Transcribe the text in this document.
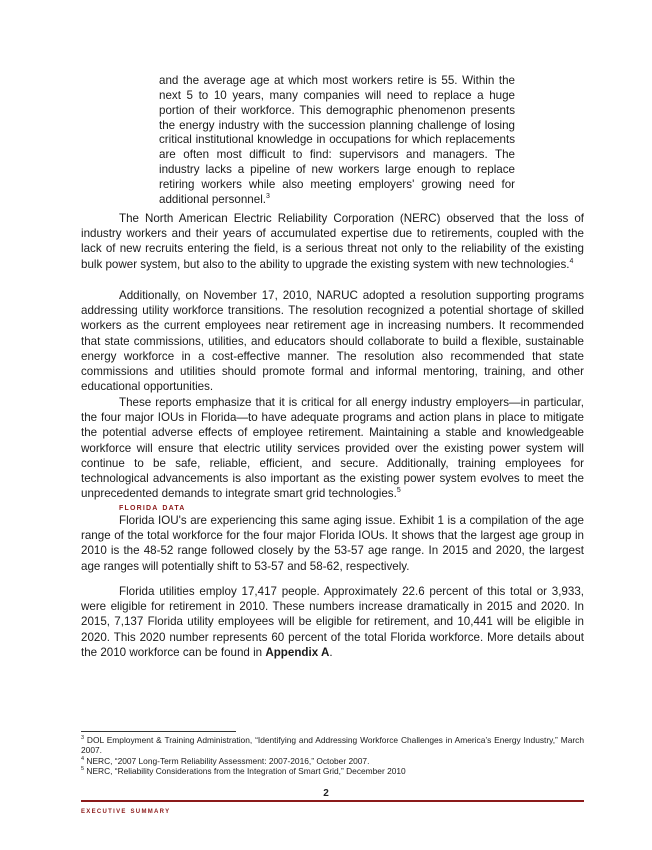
and the average age at which most workers retire is 55. Within the next 5 to 10 years, many companies will need to replace a huge portion of their workforce. This demographic phenomenon presents the energy industry with the succession planning challenge of losing critical institutional knowledge in occupations for which replacements are often most difficult to find: supervisors and managers. The industry lacks a pipeline of new workers large enough to replace retiring workers while also meeting employers' growing need for additional personnel.$^3$

The North American Electric Reliability Corporation (NERC) observed that the loss of industry workers and their years of accumulated expertise due to retirements, coupled with the lack of new recruits entering the field, is a serious threat not only to the reliability of the existing bulk power system, but also to the ability to upgrade the existing system with new technologies.$^4$

Additionally, on November 17, 2010, NARUC adopted a resolution supporting programs addressing utility workforce transitions. The resolution recognized a potential shortage of skilled workers as the current employees near retirement age in increasing numbers. It recommended that state commissions, utilities, and educators should collaborate to build a flexible, sustainable energy workforce in a cost-effective manner. The resolution also recommended that state commissions and utilities should promote formal and informal mentoring, training, and other educational opportunities.

These reports emphasize that it is critical for all energy industry employers—in particular, the four major IOUs in Florida—to have adequate programs and action plans in place to mitigate the potential adverse effects of employee retirement. Maintaining a stable and knowledgeable workforce will ensure that electric utility services provided over the existing power system will continue to be safe, reliable, efficient, and secure. Additionally, training employees for technological advancements is also important as the existing power system evolves to meet the unprecedented demands to integrate smart grid technologies.$^5$

florida data

Florida IOU's are experiencing this same aging issue. Exhibit 1 is a compilation of the age range of the total workforce for the four major Florida IOUs. It shows that the largest age group in 2010 is the 48-52 range followed closely by the 53-57 age range. In 2015 and 2020, the largest age ranges will potentially shift to 53-57 and 58-62, respectively.

Florida utilities employ 17,417 people. Approximately 22.6 percent of this total or 3,933, were eligible for retirement in 2010. These numbers increase dramatically in 2015 and 2020. In 2015, 7,137 Florida utility employees will be eligible for retirement, and 10,441 will be eligible in 2020. This 2020 number represents 60 percent of the total Florida workforce. More details about the 2010 workforce can be found in Appendix A.

$^3$ DOL Employment & Training Administration, “Identifying and Addressing Workforce Challenges in America’s Energy Industry,” March 2007.

$^4$ NERC, “2007 Long-Term Reliability Assessment: 2007-2016,” October 2007.

$^5$ NERC, “Reliability Considerations from the Integration of Smart Grid,” December 2010

2
executive summary
